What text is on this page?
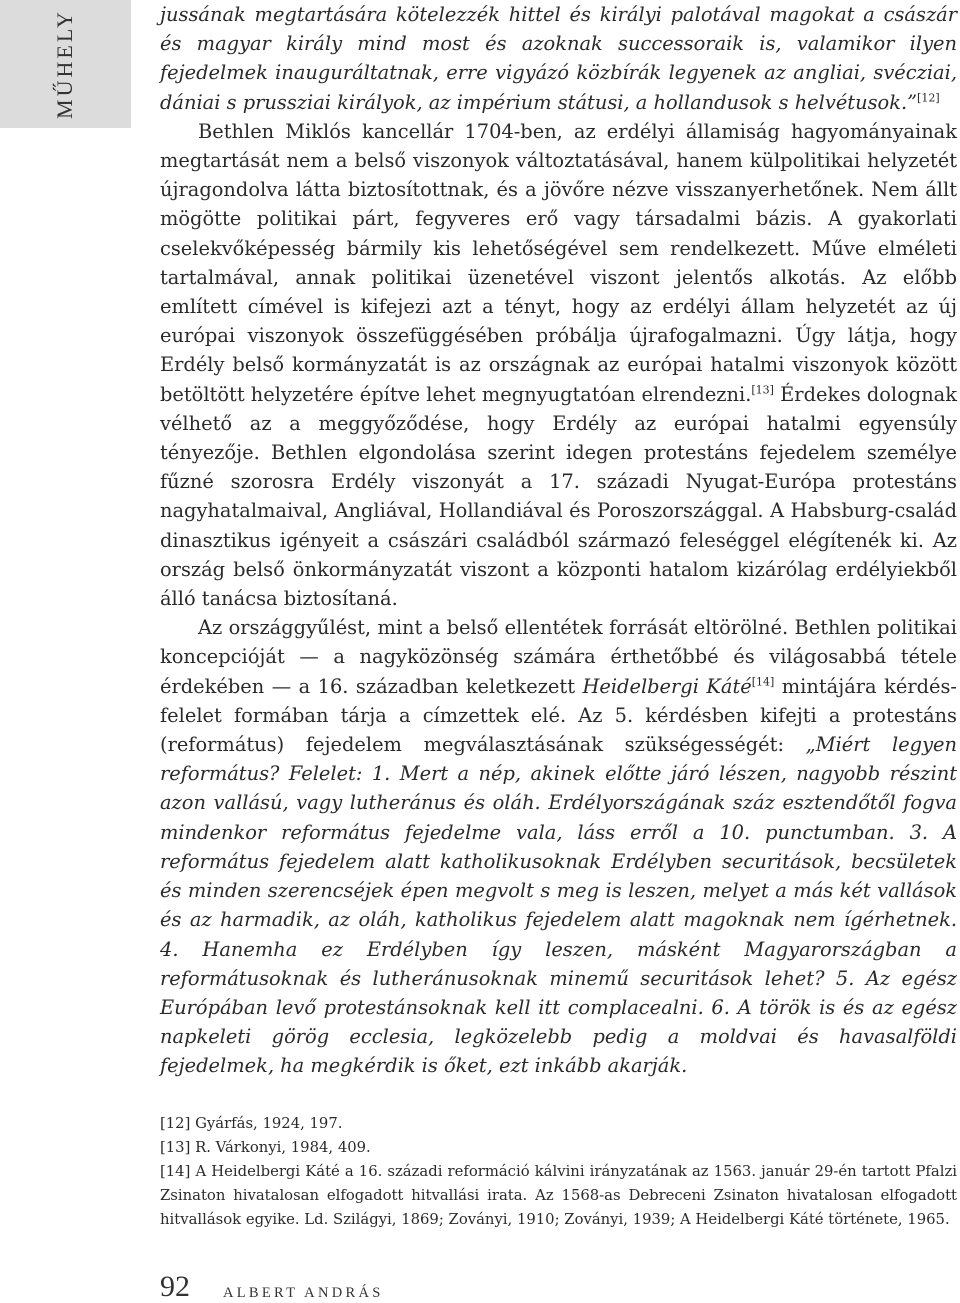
MŰHELY	jussának megtartására kötelezzék hittel és királyi palotával magokat a császár és magyar király mind most és azoknak successoraik is, valamikor ilyen fejedelmek inauguráltatnak, erre vigyázó közbírák legyenek az angliai, svécziai, dániai s prussziai királyok, az impérium státusi, a hollandusok s helvétusok.”[12]

Bethlen Miklós kancellár 1704-ben, az erdélyi államiság hagyományainak megtartását nem a belső viszonyok változtatásával, hanem külpolitikai helyzetét újragondolva látta biztosítottnak, és a jövőre nézve visszanyerhetőnek. Nem állt mögötte politikai párt, fegyveres erő vagy társadalmi bázis. A gyakorlati cselekvőképesség bármily kis lehetőségével sem rendelkezett. Műve elméleti tartalmával, annak politikai üzenetével viszont jelentős alkotás. Az előbb említett címével is kifejezi azt a tényt, hogy az erdélyi állam helyzetét az új európai viszonyok összefüggésében próbálja újrafogalmazni. Úgy látja, hogy Erdély belső kormányzatát is az országnak az európai hatalmi viszonyok között betöltött helyzetére építve lehet megnyugtatóan elrendezni.[13] Érdekes dolognak vélhető az a meggyőződése, hogy Erdély az európai hatalmi egyensúly tényezője. Bethlen elgondolása szerint idegen protestáns fejedelem személye fűzné szorosra Erdély viszonyát a 17. századi Nyugat-Európa protestáns nagyhatalmaival, Angliával, Hollandiával és Poroszországgal. A Habsburg-család dinasztikus igényeit a császári családból származó feleséggel elégítenék ki. Az ország belső önkormányzatát viszont a központi hatalom kizárólag erdélyiekből álló tanácsa biztosítaná.

Az országgyűlést, mint a belső ellentétek forrását eltörölné. Bethlen politikai koncepcióját — a nagyközönség számára érthetőbbé és világosabbá tétele érdekében — a 16. században keletkezett Heidelbergi Káté[14] mintájára kérdés-felelet formában tárja a címzettek elé. Az 5. kérdésben kifejti a protestáns (református) fejedelem megválasztásának szükségességét: „Miért legyen református? Felelet: 1. Mert a nép, akinek előtte járó lészen, nagyobb részint azon vallású, vagy lutheránus és oláh. Erdélyországának száz esztendőtől fogva mindenkor református fejedelme vala, láss erről a 10. punctumban. 3. A református fejedelem alatt katholikusoknak Erdélyben securitások, becsületek és minden szerencséjek épen megvolt s meg is leszen, melyet a más két vallások és az harmadik, az oláh, katholikus fejedelem alatt magoknak nem ígérhetnek. 4. Hanemha ez Erdélyben így leszen, másként Magyarországban a reformátusoknak és lutheránusoknak minemű securitások lehet? 5. Az egész Európában levő protestánsoknak kell itt complacealni. 6. A török is és az egész napkeleti görög ecclesia, legközelebb pedig a moldvai és havasalföldi fejedelmek, ha megkérdik is őket, ezt inkább akarják.

[12] Gyárfás, 1924, 197.

[13] R. Várkonyi, 1984, 409.

[14] A Heidelbergi Káté a 16. századi reformáció kálvini irányzatának az 1563. január 29-én tartott Pfalzi Zsinaton hivatalosan elfogadott hitvallási irata. Az 1568-as Debreceni Zsinaton hivatalosan elfogadott hitvallások egyike. Ld. Szilágyi, 1869; Zoványi, 1910; Zoványi, 1939; A Heidelbergi Káté története, 1965.

92 ALBERT ANDRÁS
